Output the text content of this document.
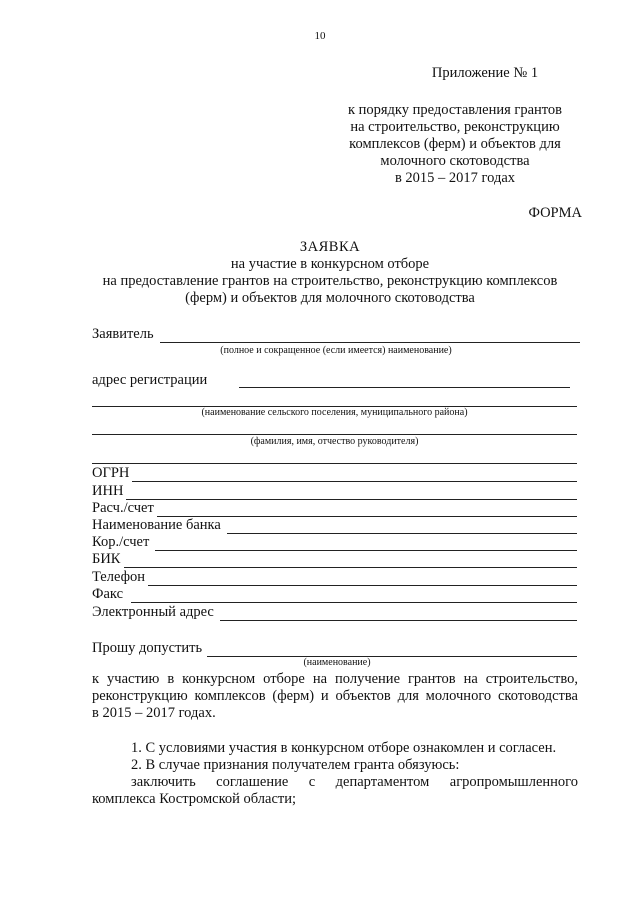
10
Приложение № 1
к порядку предоставления грантов
на строительство, реконструкцию
комплексов (ферм) и объектов для
молочного скотоводства
в 2015 – 2017 годах
ФОРМА
ЗАЯВКА
на участие в конкурсном отборе
на предоставление грантов на строительство, реконструкцию комплексов
(ферм) и объектов для молочного скотоводства
Заявитель
(полное и сокращенное (если имеется) наименование)
адрес регистрации
(наименование сельского поселения, муниципального района)
(фамилия, имя, отчество руководителя)
ОГРН
ИНН
Расч./счет
Наименование банка
Кор./счет
БИК
Телефон
Факс
Электронный адрес
Прошу допустить
(наименование)
к участию в конкурсном отборе на получение грантов на строительство,
реконструкцию комплексов (ферм) и объектов для молочного скотоводства
в 2015 – 2017 годах.
1. С условиями участия в конкурсном отборе ознакомлен и согласен.
2. В случае признания получателем гранта обязуюсь:
заключить соглашение с департаментом агропромышленного
комплекса Костромской области;
